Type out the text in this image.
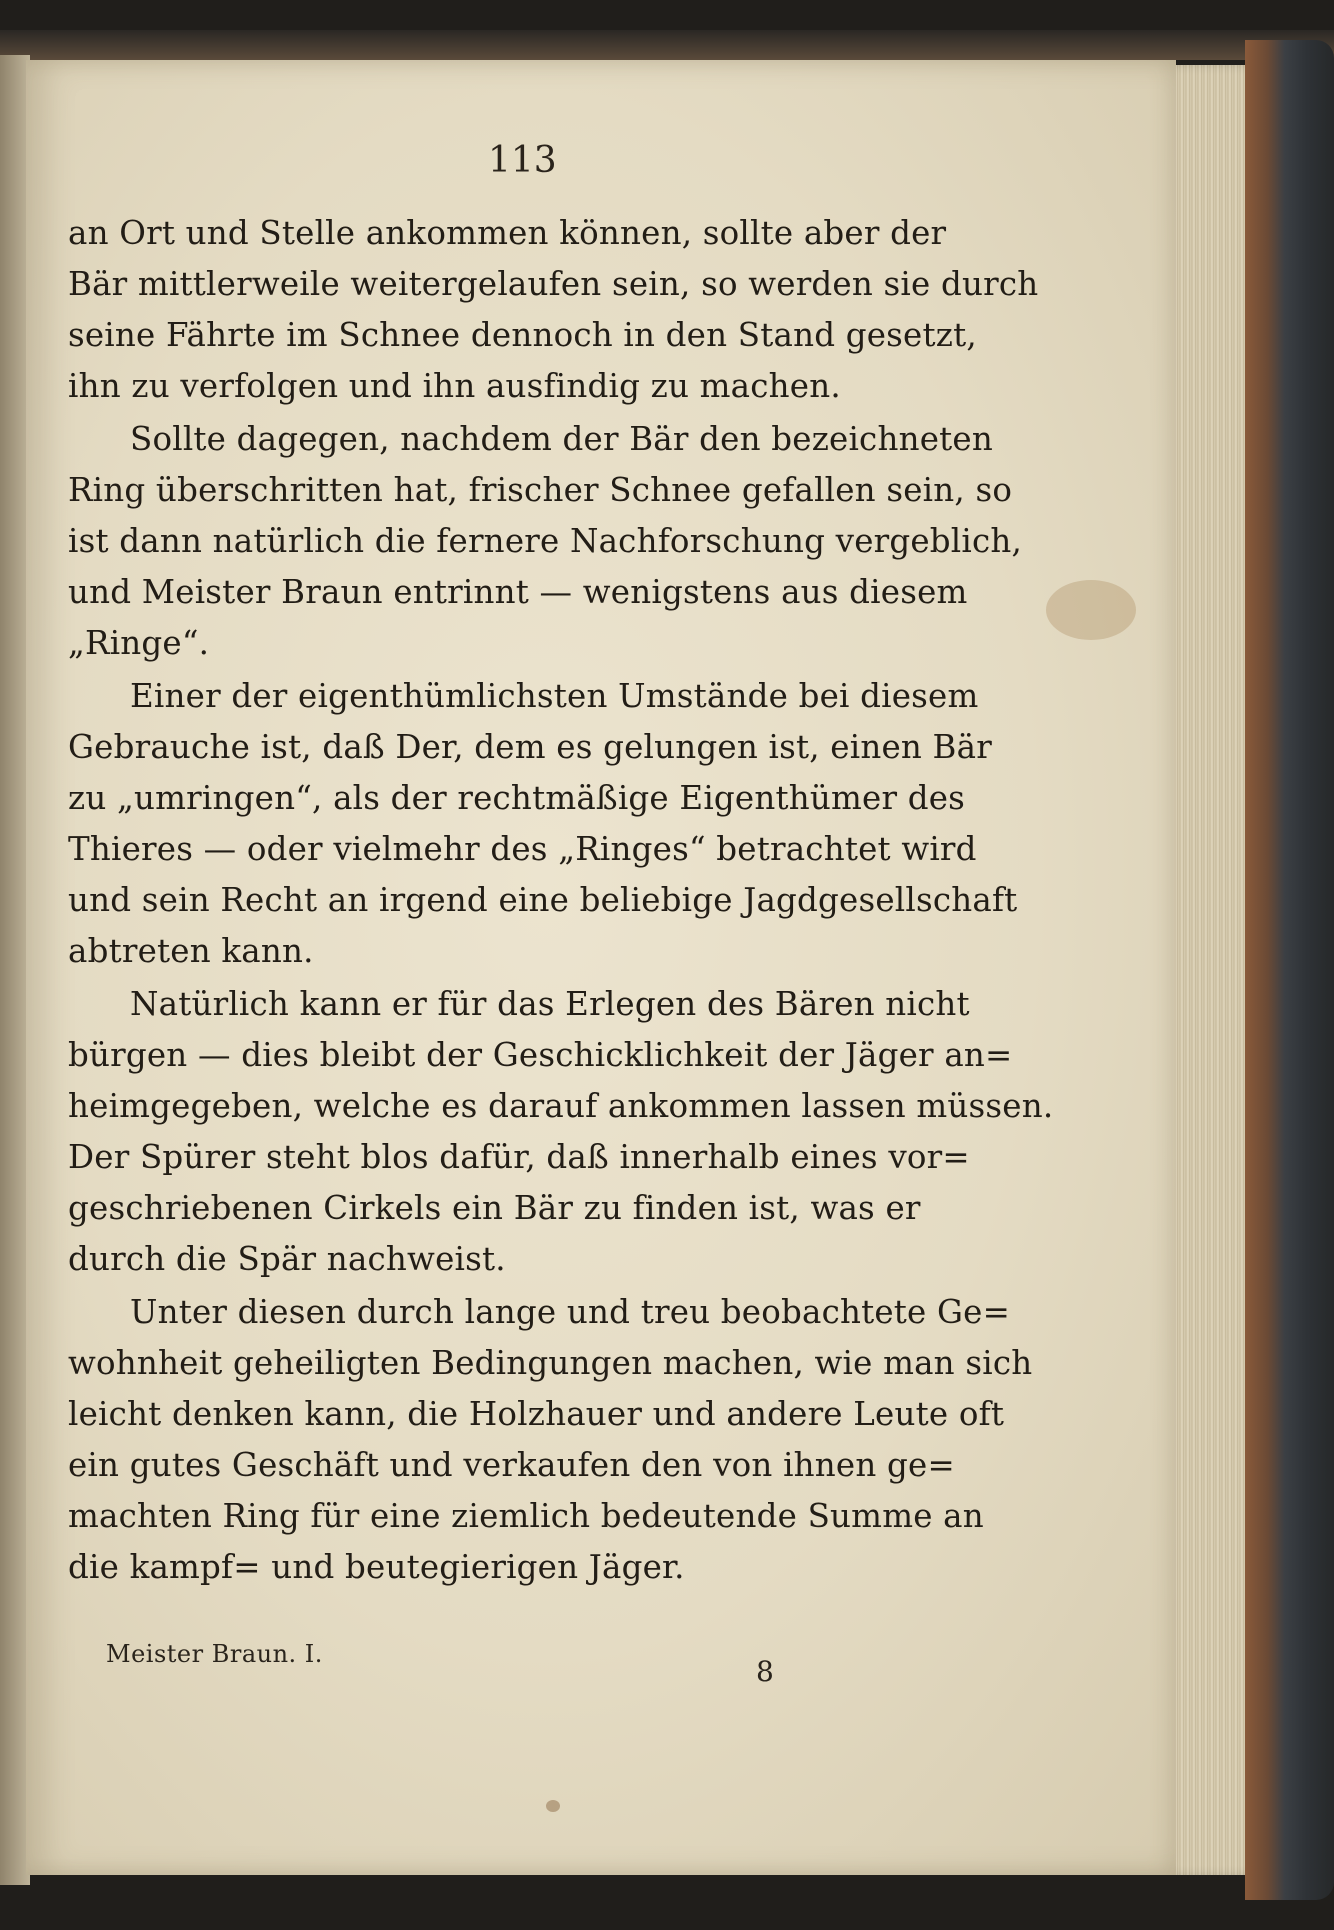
113
an Ort und Stelle ankommen können, sollte aber der
Bär mittlerweile weitergelaufen sein, so werden sie durch
seine Fährte im Schnee dennoch in den Stand gesetzt,
ihn zu verfolgen und ihn ausfindig zu machen.
Sollte dagegen, nachdem der Bär den bezeichneten
Ring überschritten hat, frischer Schnee gefallen sein, so
ist dann natürlich die fernere Nachforschung vergeblich,
und Meister Braun entrinnt — wenigstens aus diesem
„Ringe“.
Einer der eigenthümlichsten Umstände bei diesem
Gebrauche ist, daß Der, dem es gelungen ist, einen Bär
zu „umringen“, als der rechtmäßige Eigenthümer des
Thieres — oder vielmehr des „Ringes“ betrachtet wird
und sein Recht an irgend eine beliebige Jagdgesellschaft
abtreten kann.
Natürlich kann er für das Erlegen des Bären nicht
bürgen — dies bleibt der Geschicklichkeit der Jäger an=
heimgegeben, welche es darauf ankommen lassen müssen.
Der Spürer steht blos dafür, daß innerhalb eines vor=
geschriebenen Cirkels ein Bär zu finden ist, was er
durch die Spär nachweist.
Unter diesen durch lange und treu beobachtete Ge=
wohnheit geheiligten Bedingungen machen, wie man sich
leicht denken kann, die Holzhauer und andere Leute oft
ein gutes Geschäft und verkaufen den von ihnen ge=
machten Ring für eine ziemlich bedeutende Summe an
die kampf= und beutegierigen Jäger.
Meister Braun. I.
8
